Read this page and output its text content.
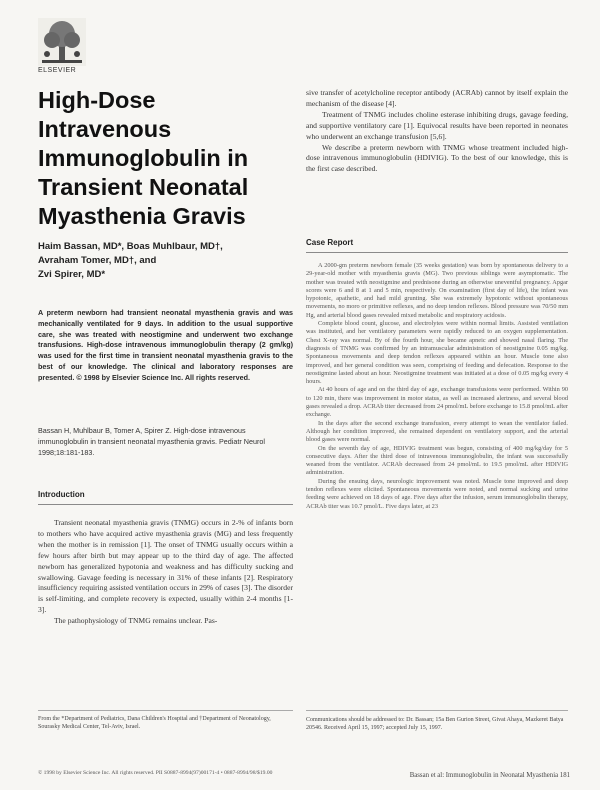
ELSEVIER
High-Dose
Intravenous
Immunoglobulin in
Transient Neonatal
Myasthenia Gravis
Haim Bassan, MD*, Boas Muhlbaur, MD†,
Avraham Tomer, MD†, and
Zvi Spirer, MD*
A preterm newborn had transient neonatal myasthenia gravis and was mechanically ventilated for 9 days. In addition to the usual supportive care, she was treated with neostigmine and underwent two exchange transfusions. High-dose intravenous immunoglobulin therapy (2 gm/kg) was used for the first time in transient neonatal myasthenia gravis to the best of our knowledge. The clinical and laboratory responses are presented. © 1998 by Elsevier Science Inc. All rights reserved.
Bassan H, Muhlbaur B, Tomer A, Spirer Z. High-dose intravenous immunoglobulin in transient neonatal myasthenia gravis. Pediatr Neurol 1998;18:181-183.
Introduction

Transient neonatal myasthenia gravis (TNMG) occurs in 2-% of infants born to mothers who have acquired active myasthenia gravis (MG) and less frequently when the mother is in remission [1]. The onset of TNMG usually occurs within a few hours after birth but may appear up to the third day of age. The affected newborn has generalized hypotonia and weakness and has difficulty sucking and swallowing. Gavage feeding is necessary in 31% of these infants [2]. Respiratory insufficiency requiring assisted ventilation occurs in 29% of cases [3]. The disorder is self-limiting, and complete recovery is expected, usually within 2-4 months [1-3].

The pathophysiology of TNMG remains unclear. Pas-

From the *Department of Pediatrics, Dana Children's Hospital and †Department of Neonatology, Sourasky Medical Center, Tel-Aviv, Israel.

sive transfer of acetylcholine receptor antibody (ACRAb) cannot by itself explain the mechanism of the disease [4].

Treatment of TNMG includes choline esterase inhibiting drugs, gavage feeding, and supportive ventilatory care [1]. Equivocal results have been reported in neonates who underwent an exchange transfusion [5,6].

We describe a preterm newborn with TNMG whose treatment included high-dose intravenous immunoglobulin (HDIVIG). To the best of our knowledge, this is the first case described.

Case Report

A 2000-gm preterm newborn female (35 weeks gestation) was born by spontaneous delivery to a 29-year-old mother with myasthenia gravis (MG). Two previous siblings were asymptomatic. The mother was treated with neostigmine and prednisone during an otherwise uneventful pregnancy. Apgar scores were 6 and 8 at 1 and 5 min, respectively. On examination (first day of life), the infant was hypotonic, apathetic, and had mild grunting. She was extremely hypotonic without spontaneous movements, no moro or primitive reflexes, and no deep tendon reflexes. Blood pressure was 70/50 mm Hg, and arterial blood gases revealed mixed metabolic and respiratory acidosis.

Complete blood count, glucose, and electrolytes were within normal limits. Assisted ventilation was instituted, and her ventilatory parameters were rapidly reduced to an oxygen supplementation. Chest X-ray was normal. By of the fourth hour, she became apneic and showed nasal flaring. The diagnosis of TNMG was confirmed by an intramuscular administration of neostigmine 0.05 mg/kg. Spontaneous movements and deep tendon reflexes appeared within an hour. Muscle tone also improved, and her general condition was seen, comprising of feeding and defecation. Response to the neostigmine lasted about an hour. Neostigmine treatment was initiated at a dose of 0.05 mg/kg every 4 hours.

At 40 hours of age and on the third day of age, exchange transfusions were performed. Within 90 to 120 min, there was improvement in motor status, as well as increased alertness, and several blood gases revealed a drop. ACRAb titer decreased from 24 pmol/mL before exchange to 15.8 pmol/mL after exchange.

In the days after the second exchange transfusion, every attempt to wean the ventilator failed. Although her condition improved, she remained dependent on ventilatory support, and the arterial blood gases were normal.

On the seventh day of age, HDIVIG treatment was begun, consisting of 400 mg/kg/day for 5 consecutive days. After the third dose of intravenous immunoglobulin, the infant was successfully weaned from the ventilator. ACRAb decreased from 24 pmol/mL to 19.5 pmol/mL after HDIVIG administration.

During the ensuing days, neurologic improvement was noted. Muscle tone improved and deep tendon reflexes were elicited. Spontaneous movements were noted, and normal sucking and urine feeding were achieved on 18 days of age. Five days after the infusion, serum immunoglobulin therapy, ACRAb titer was 10.7 pmol/L. Five days later, at 23

Communications should be addressed to: Dr. Bassan; 15a Ben Gurion Street, Givat Ahaya, Mazkeret Batya 20546. Received April 15, 1997; accepted July 15, 1997.
© 1998 by Elsevier Science Inc. All rights reserved. PII S0887-8994(97)00171-4 • 0887-8994/98/$19.00	Bassan et al: Immunoglobulin in Neonatal Myasthenia 181
